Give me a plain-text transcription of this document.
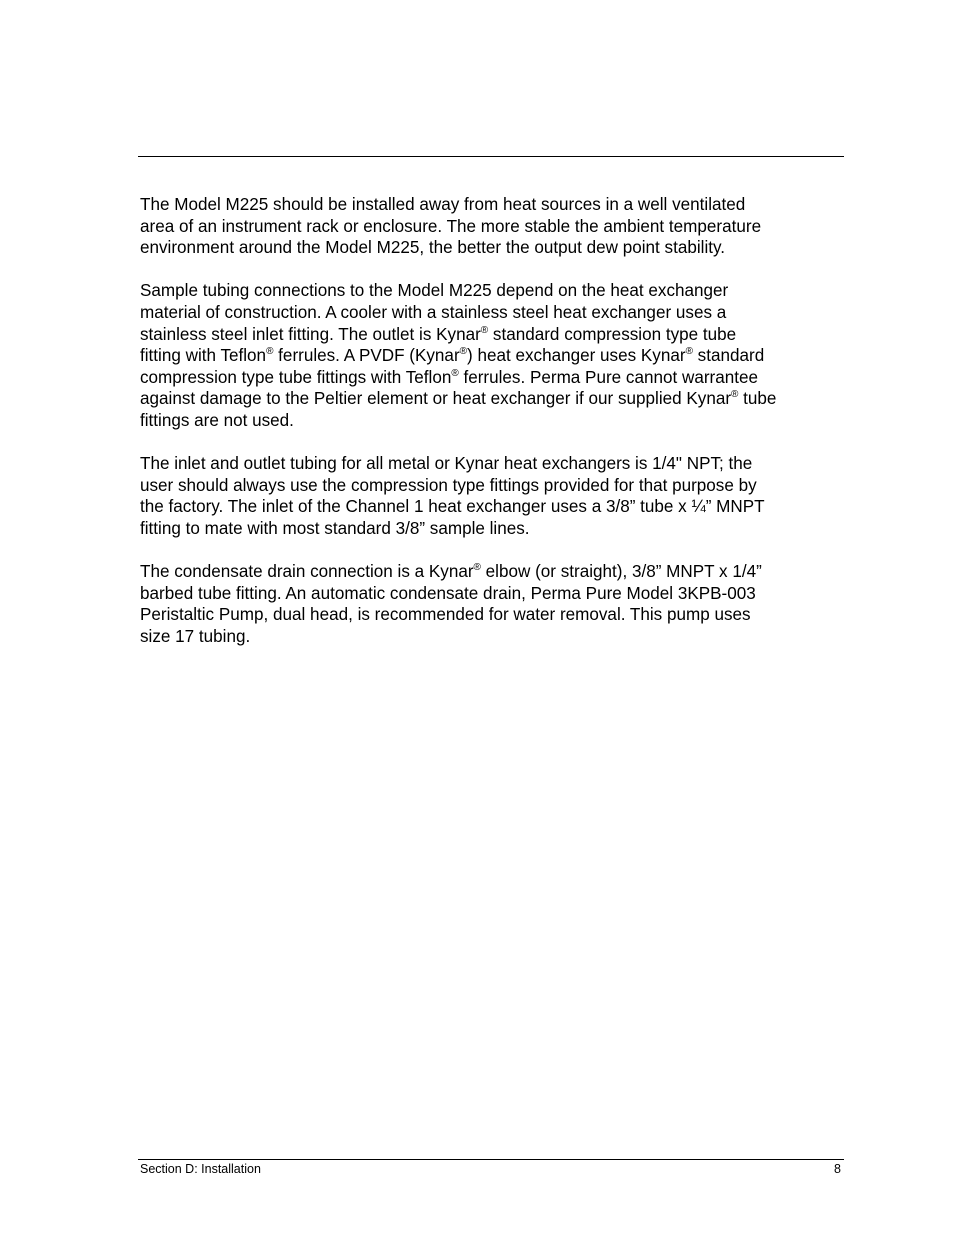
The Model M225 should be installed away from heat sources in a well ventilated
area of an instrument rack or enclosure. The more stable the ambient temperature
environment around the Model M225, the better the output dew point stability.

Sample tubing connections to the Model M225 depend on the heat exchanger
material of construction. A cooler with a stainless steel heat exchanger uses a
stainless steel inlet fitting. The outlet is Kynar® standard compression type tube
fitting with Teflon® ferrules. A PVDF (Kynar®) heat exchanger uses Kynar® standard
compression type tube fittings with Teflon® ferrules. Perma Pure cannot warrantee
against damage to the Peltier element or heat exchanger if our supplied Kynar® tube
fittings are not used.

The inlet and outlet tubing for all metal or Kynar heat exchangers is 1/4" NPT; the
user should always use the compression type fittings provided for that purpose by
the factory. The inlet of the Channel 1 heat exchanger uses a 3/8” tube x ¼” MNPT
fitting to mate with most standard 3/8” sample lines.

The condensate drain connection is a Kynar® elbow (or straight), 3/8” MNPT x 1/4”
barbed tube fitting. An automatic condensate drain, Perma Pure Model 3KPB-003
Peristaltic Pump, dual head, is recommended for water removal. This pump uses
size 17 tubing.

Section D: Installation	8
